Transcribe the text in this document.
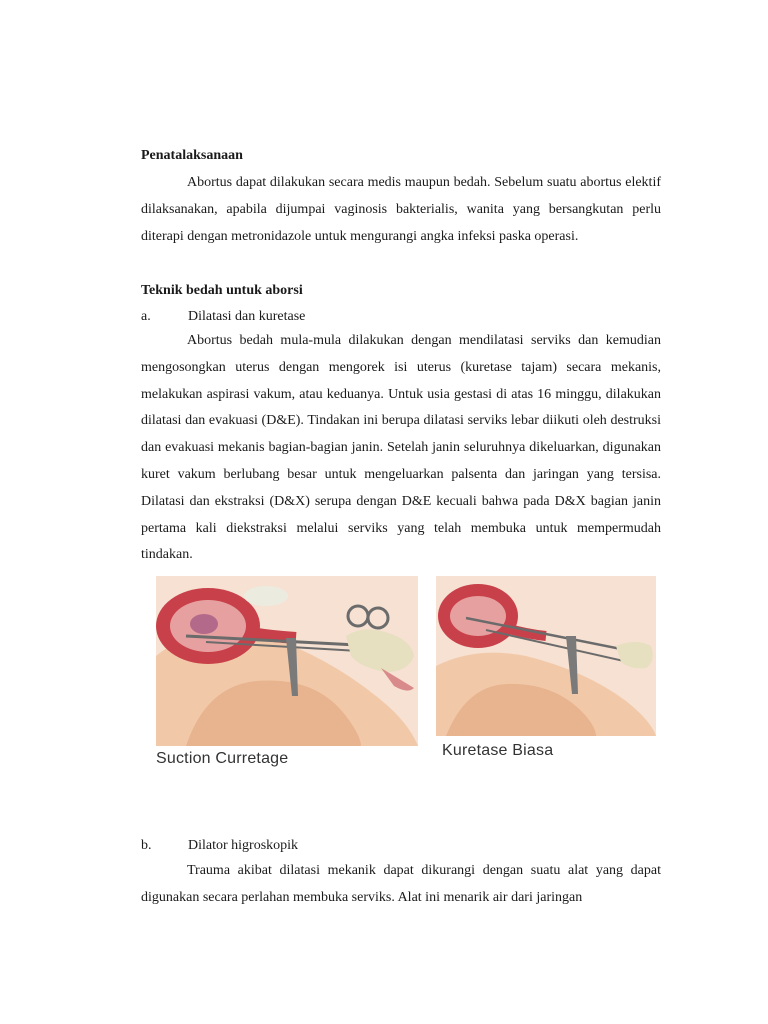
Penatalaksanaan

Abortus dapat dilakukan secara medis maupun bedah. Sebelum suatu abortus elektif dilaksanakan, apabila dijumpai vaginosis bakterialis, wanita yang bersangkutan perlu diterapi dengan metronidazole untuk mengurangi angka infeksi paska operasi.

Teknik bedah untuk aborsi
a.	Dilatasi dan kuretase

Abortus bedah mula-mula dilakukan dengan mendilatasi serviks dan kemudian mengosongkan uterus dengan mengorek isi uterus (kuretase tajam) secara mekanis, melakukan aspirasi vakum, atau keduanya. Untuk usia gestasi di atas 16 minggu, dilakukan dilatasi dan evakuasi (D&E). Tindakan ini berupa dilatasi serviks lebar diikuti oleh destruksi dan evakuasi mekanis bagian-bagian janin. Setelah janin seluruhnya dikeluarkan, digunakan kuret vakum berlubang besar untuk mengeluarkan palsenta dan jaringan yang tersisa. Dilatasi dan ekstraksi (D&X) serupa dengan D&E kecuali bahwa pada D&X bagian janin pertama kali diekstraksi melalui serviks yang telah membuka untuk mempermudah tindakan.

Suction Curretage	Kuretase Biasa
b.	Dilator higroskopik

Trauma akibat dilatasi mekanik dapat dikurangi dengan suatu alat yang dapat digunakan secara perlahan membuka serviks. Alat ini menarik air dari jaringan
